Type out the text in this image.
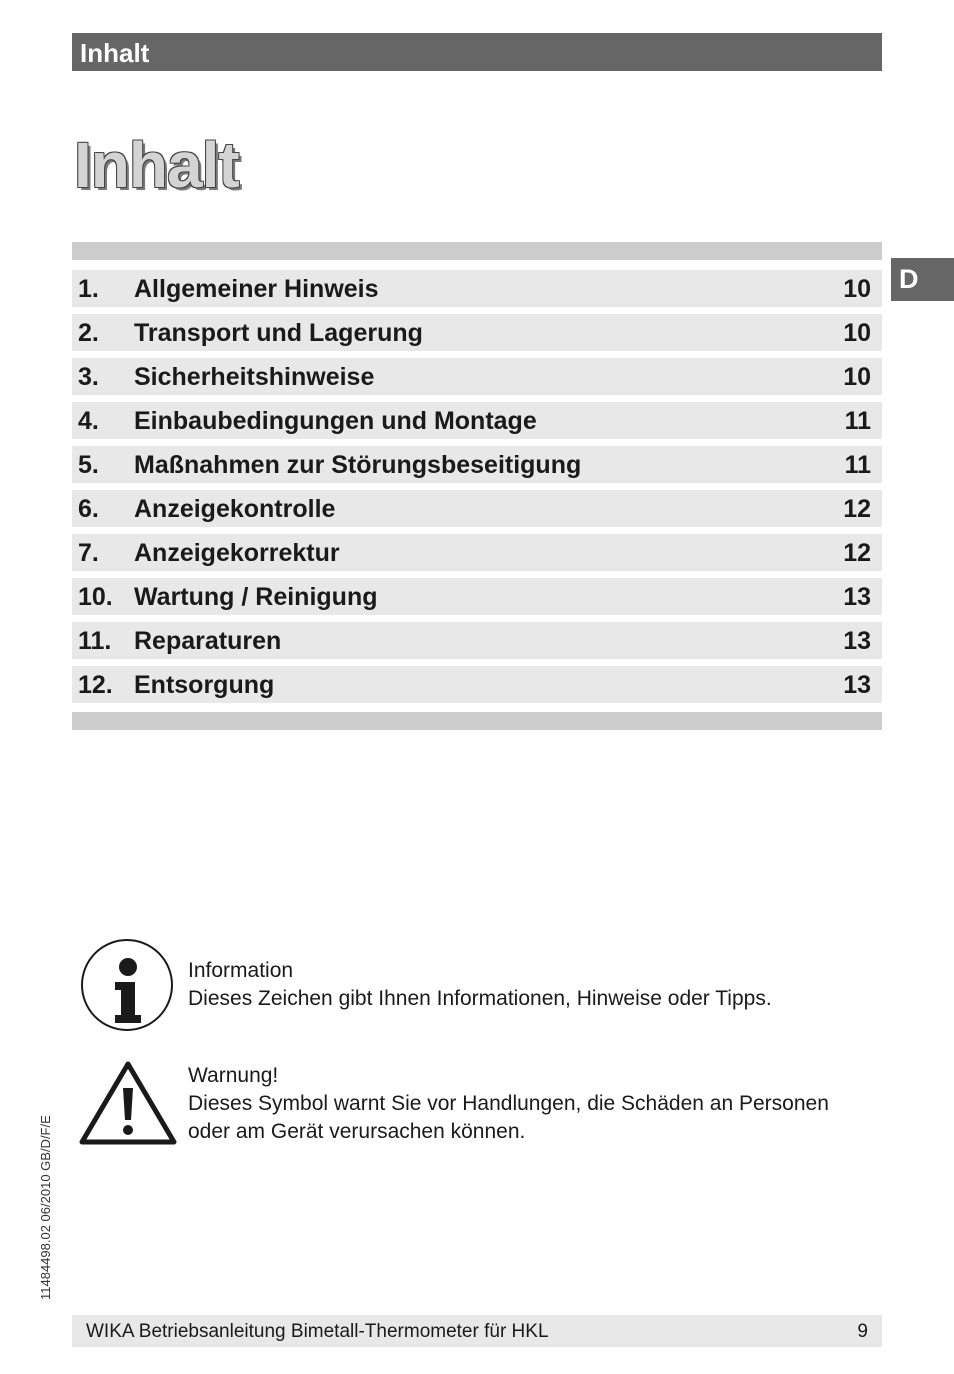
Inhalt
Inhalt
D
1. Allgemeiner Hinweis	10
2. Transport und Lagerung	10
3. Sicherheitshinweise	10
4. Einbaubedingungen und Montage	11
5. Maßnahmen zur Störungsbeseitigung	11
6. Anzeigekontrolle	12
7. Anzeigekorrektur	12
10. Wartung / Reinigung	13
11. Reparaturen	13
12. Entsorgung	13
Information
Dieses Zeichen gibt Ihnen Informationen, Hinweise oder Tipps.
Warnung!
Dieses Symbol warnt Sie vor Handlungen, die Schäden an Personen
oder am Gerät verursachen können.
11484498.02 06/2010 GB/D/F/E
WIKA Betriebsanleitung Bimetall-Thermometer für HKL	9
